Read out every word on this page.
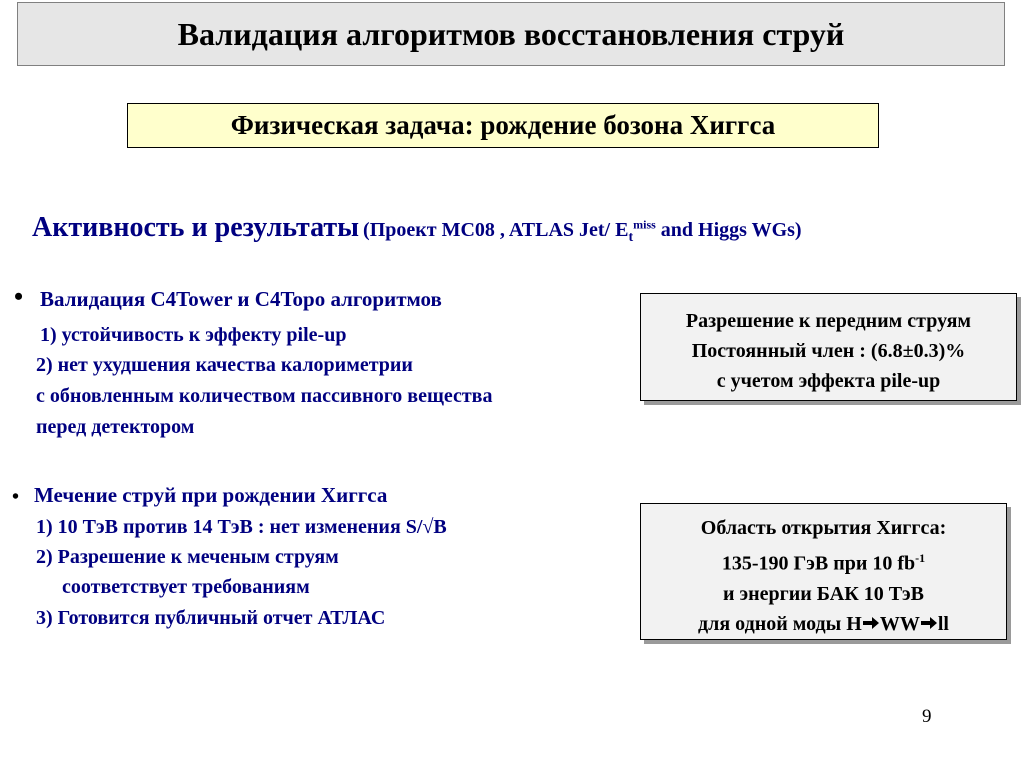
Валидация алгоритмов восстановления струй
Физическая задача: рождение бозона Хиггса
Активность и результаты (Проект MC08 , ATLAS Jet/ $E_t^{miss}$ and Higgs WGs)
• Валидация С4Tower и C4Topo алгоритмов
1) устойчивость к эффекту pile-up
2) нет ухудшения качества калориметрии
с обновленным количеством пассивного вещества
перед детектором
• Мечение струй при рождении Хиггса
1) 10 ТэВ против 14 ТэВ : нет изменения S/√B
2) Разрешение к меченым струям
соответствует требованиям
3) Готовится публичный отчет АТЛАС
Разрешение к передним струям
Постоянный член : (6.8±0.3)%
с учетом эффекта pile-up
Область открытия Хиггса:
135-190 ГэВ при 10 $fb^{-1}$
и энергии БАК 10 ТэВ
для одной моды H WW ll
9
